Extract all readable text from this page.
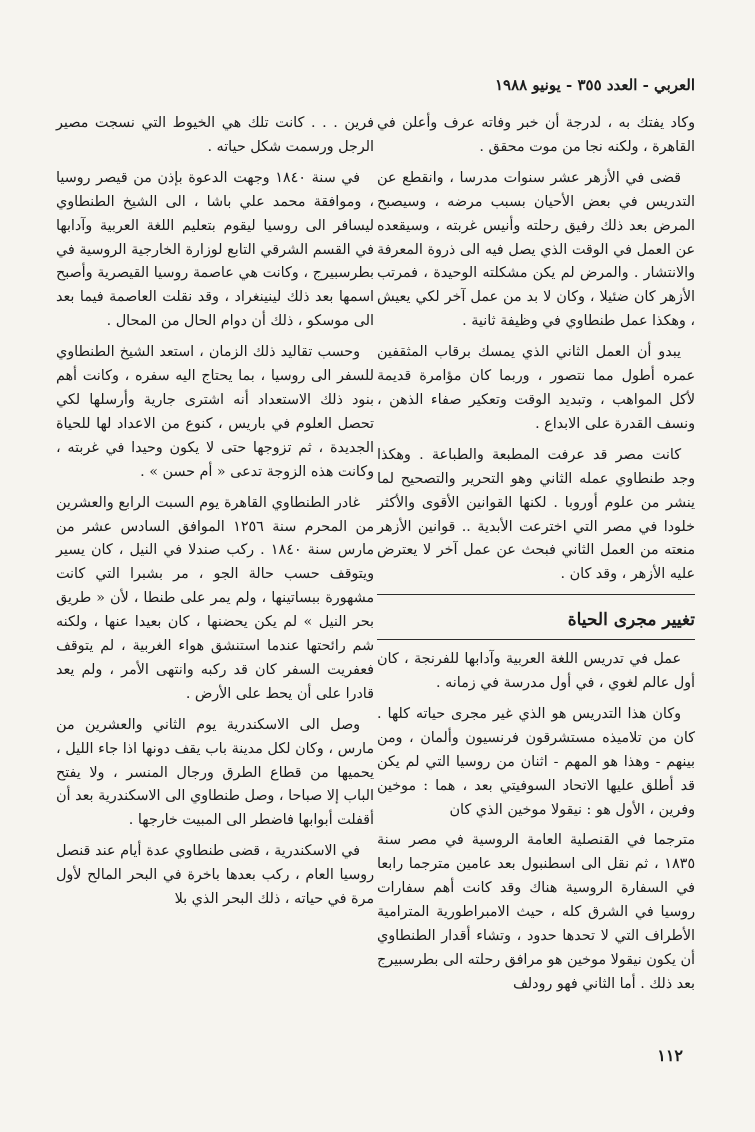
العربي - العدد ٣٥٥ - يونيو ١٩٨٨

وكاد يفتك به ، لدرجة أن خبر وفاته عرف وأعلن في القاهرة ، ولكنه نجا من موت محقق .

قضى في الأزهر عشر سنوات مدرسا ، وانقطع عن التدريس في بعض الأحيان بسبب مرضه ، وسيصبح المرض بعد ذلك رفيق رحلته وأنيس غربته ، وسيقعده عن العمل في الوقت الذي يصل فيه الى ذروة المعرفة والانتشار . والمرض لم يكن مشكلته الوحيدة ، فمرتب الأزهر كان ضئيلا ، وكان لا بد من عمل آخر لكي يعيش ، وهكذا عمل طنطاوي في وظيفة ثانية .

يبدو أن العمل الثاني الذي يمسك برقاب المثقفين عمره أطول مما نتصور ، وربما كان مؤامرة قديمة لأكل المواهب ، وتبديد الوقت وتعكير صفاء الذهن ، ونسف القدرة على الابداع .

كانت مصر قد عرفت المطبعة والطباعة . وهكذا وجد طنطاوي عمله الثاني وهو التحرير والتصحيح لما ينشر من علوم أوروبا . لكنها القوانين الأقوى والأكثر خلودا في مصر التي اخترعت الأبدية .. قوانين الأزهر منعته من العمل الثاني فبحث عن عمل آخر لا يعترض عليه الأزهر ، وقد كان .

تغيير مجرى الحياة

عمل في تدريس اللغة العربية وآدابها للفرنجة ، كان أول عالم لغوي ، في أول مدرسة في زمانه .

وكان هذا التدريس هو الذي غير مجرى حياته كلها . كان من تلاميذه مستشرقون فرنسيون وألمان ، ومن بينهم - وهذا هو المهم - اثنان من روسيا التي لم يكن قد أطلق عليها الاتحاد السوفيتي بعد ، هما : موخين وفرين ، الأول هو : نيقولا موخين الذي كان

مترجما في القنصلية العامة الروسية في مصر سنة ١٨٣٥ ، ثم نقل الى اسطنبول بعد عامين مترجما رابعا في السفارة الروسية هناك وقد كانت أهم سفارات روسيا في الشرق كله ، حيث الامبراطورية المترامية الأطراف التي لا تحدها حدود ، وتشاء أقدار الطنطاوي أن يكون نيقولا موخين هو مرافق رحلته الى بطرسبيرج بعد ذلك . أما الثاني فهو رودلف

فرين . . . كانت تلك هي الخيوط التي نسجت مصير الرجل ورسمت شكل حياته .

في سنة ١٨٤٠ وجهت الدعوة بإذن من قيصر روسيا ، وموافقة محمد علي باشا ، الى الشيخ الطنطاوي ليسافر الى روسيا ليقوم بتعليم اللغة العربية وآدابها في القسم الشرقي التابع لوزارة الخارجية الروسية في بطرسبيرج ، وكانت هي عاصمة روسيا القيصرية وأصبح اسمها بعد ذلك لينينغراد ، وقد نقلت العاصمة فيما بعد الى موسكو ، ذلك أن دوام الحال من المحال .

وحسب تقاليد ذلك الزمان ، استعد الشيخ الطنطاوي للسفر الى روسيا ، بما يحتاج اليه سفره ، وكانت أهم بنود ذلك الاستعداد أنه اشترى جارية وأرسلها لكي تحصل العلوم في باريس ، كنوع من الاعداد لها للحياة الجديدة ، ثم تزوجها حتى لا يكون وحيدا في غربته ، وكانت هذه الزوجة تدعى « أم حسن » .

غادر الطنطاوي القاهرة يوم السبت الرابع والعشرين من المحرم سنة ١٢٥٦ الموافق السادس عشر من مارس سنة ١٨٤٠ . ركب صندلا في النيل ، كان يسير ويتوقف حسب حالة الجو ، مر بشبرا التي كانت مشهورة ببساتينها ، ولم يمر على طنطا ، لأن « طريق بحر النيل » لم يكن يحضنها ، كان بعيدا عنها ، ولكنه شم رائحتها عندما استنشق هواء الغربية ، لم يتوقف فعفريت السفر كان قد ركبه وانتهى الأمر ، ولم يعد قادرا على أن يحط على الأرض .

وصل الى الاسكندرية يوم الثاني والعشرين من مارس ، وكان لكل مدينة باب يقف دونها اذا جاء الليل ، يحميها من قطاع الطرق ورجال المنسر ، ولا يفتح الباب إلا صباحا ، وصل طنطاوي الى الاسكندرية بعد أن أقفلت أبوابها فاضطر الى المبيت خارجها .

في الاسكندرية ، قضى طنطاوي عدة أيام عند قنصل روسيا العام ، ركب بعدها باخرة في البحر المالح لأول مرة في حياته ، ذلك البحر الذي بلا

١١٢
